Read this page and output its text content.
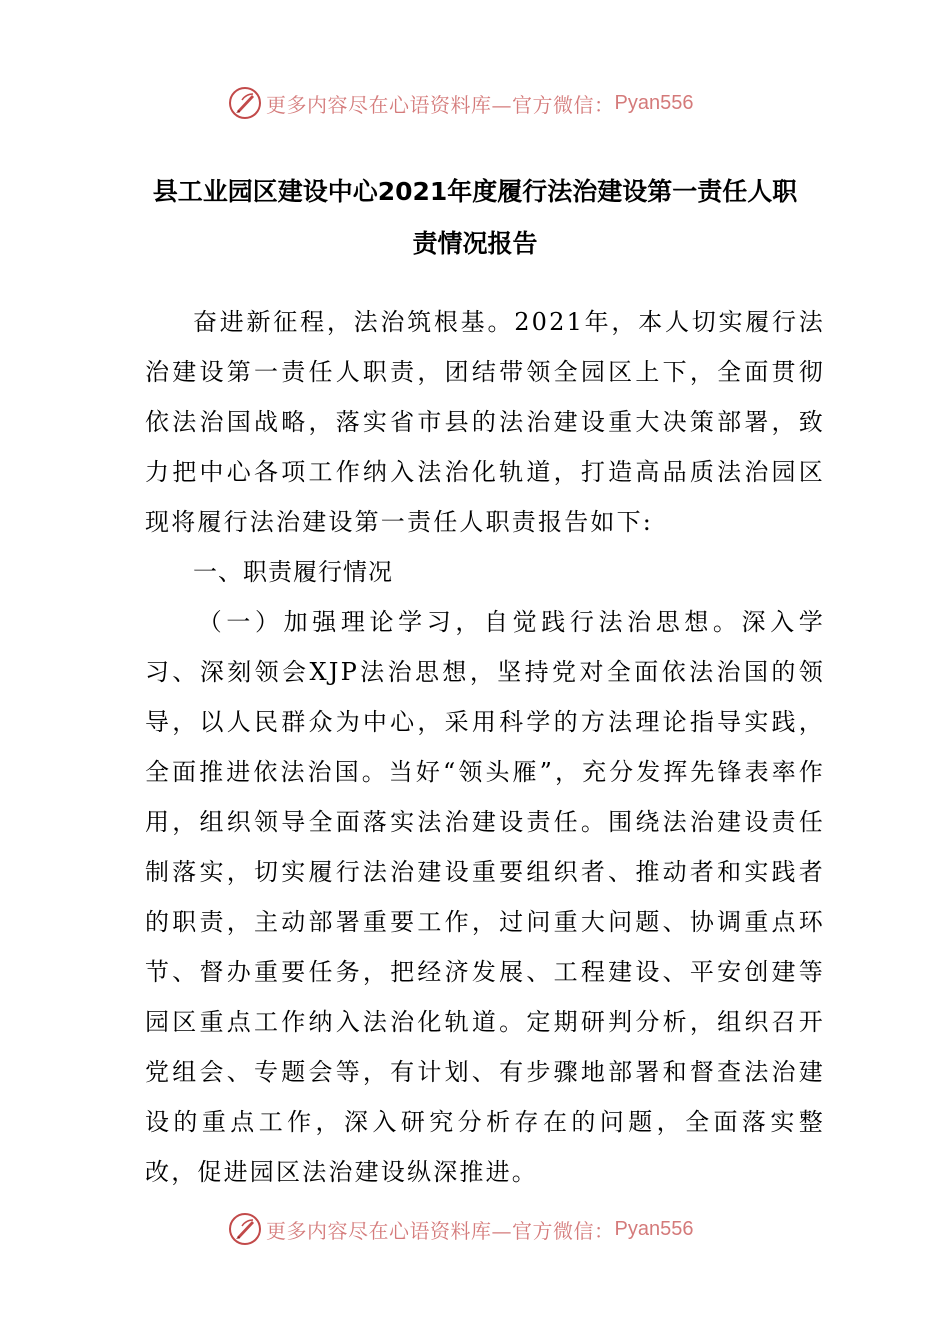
更多内容尽在心语资料库—官方微信： Pyan556
县工业园区建设中心2021年度履行法治建设第一责任人职
责情况报告

奋进新征程，法治筑根基。2021年，本人切实履行法治建设第一责任人职责，团结带领全园区上下，全面贯彻依法治国战略，落实省市县的法治建设重大决策部署，致力把中心各项工作纳入法治化轨道，打造高品质法治园区现将履行法治建设第一责任人职责报告如下:

一、职责履行情况

（一）加强理论学习，自觉践行法治思想。深入学习、深刻领会XJP法治思想，坚持党对全面依法治国的领导，以人民群众为中心，采用科学的方法理论指导实践，全面推进依法治国。当好“领头雁”，充分发挥先锋表率作用，组织领导全面落实法治建设责任。围绕法治建设责任制落实，切实履行法治建设重要组织者、推动者和实践者的职责，主动部署重要工作，过问重大问题、协调重点环节、督办重要任务，把经济发展、工程建设、平安创建等园区重点工作纳入法治化轨道。定期研判分析，组织召开党组会、专题会等，有计划、有步骤地部署和督查法治建设的重点工作，深入研究分析存在的问题，全面落实整改，促进园区法治建设纵深推进。

更多内容尽在心语资料库—官方微信： Pyan556
